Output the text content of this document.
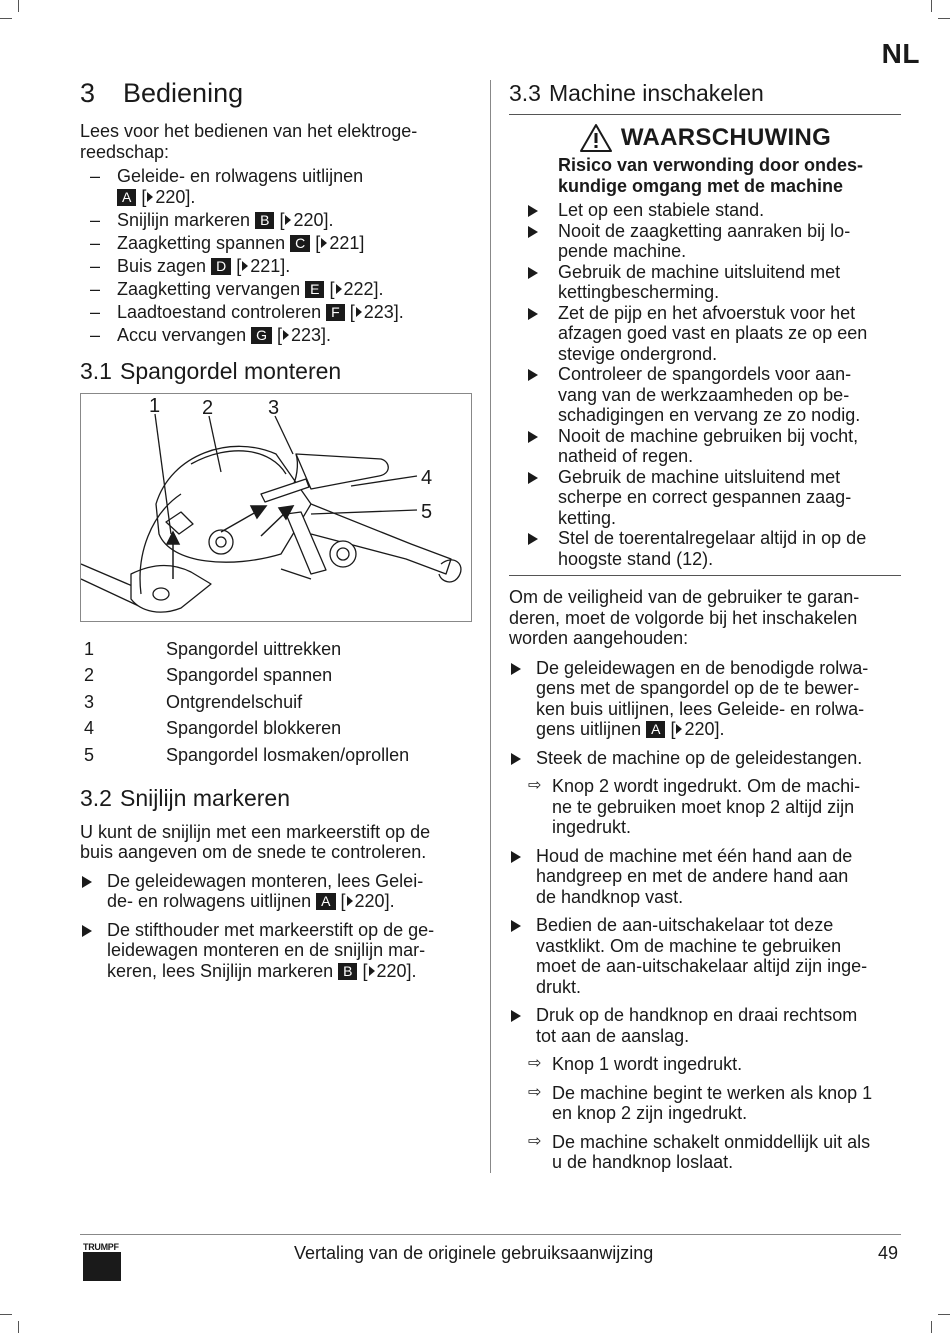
NL
3 Bediening

Lees voor het bedienen van het elektroge-
reedschap:

– Geleide- en rolwagens uitlijnen
A [ 220].
– Snijlijn markeren B [ 220].
– Zaagketting spannen C [ 221]
– Buis zagen D [ 221].
– Zaagketting vervangen E [ 222].
– Laadtoestand controleren F [ 223].
– Accu vervangen G [ 223].
3.1 Spangordel monteren
1 2	3
4
5
1	Spangordel uittrekken
2	Spangordel spannen
3	Ontgrendelschuif
4	Spangordel blokkeren
5	Spangordel losmaken/oprollen
3.2 Snijlijn markeren

U kunt de snijlijn met een markeerstift op de
buis aangeven om de snede te controleren.

De geleidewagen monteren, lees Gelei-
de- en rolwagens uitlijnen A [ 220].
De stifthouder met markeerstift op de ge-
leidewagen monteren en de snijlijn mar-
keren, lees Snijlijn markeren B [ 220].
3.3 Machine inschakelen
WAARSCHUWING
Risico van verwonding door ondes-
kundige omgang met de machine
Let op een stabiele stand.
Nooit de zaagketting aanraken bij lo-
pende machine.
Gebruik de machine uitsluitend met
kettingbescherming.
Zet de pijp en het afvoerstuk voor het
afzagen goed vast en plaats ze op een
stevige ondergrond.
Controleer de spangordels voor aan-
vang van de werkzaamheden op be-
schadigingen en vervang ze zo nodig.
Nooit de machine gebruiken bij vocht,
natheid of regen.
Gebruik de machine uitsluitend met
scherpe en correct gespannen zaag-
ketting.
Stel de toerentalregelaar altijd in op de
hoogste stand (12).

Om de veiligheid van de gebruiker te garan-
deren, moet de volgorde bij het inschakelen
worden aangehouden:

De geleidewagen en de benodigde rolwa-
gens met de spangordel op de te bewer-
ken buis uitlijnen, lees Geleide- en rolwa-
gens uitlijnen A [ 220].
Steek de machine op de geleidestangen.
⇨ Knop 2 wordt ingedrukt. Om de machi-
ne te gebruiken moet knop 2 altijd zijn
ingedrukt.
Houd de machine met één hand aan de
handgreep en met de andere hand aan
de handknop vast.
Bedien de aan-uitschakelaar tot deze
vastklikt. Om de machine te gebruiken
moet de aan-uitschakelaar altijd zijn inge-
drukt.
Druk op de handknop en draai rechtsom
tot aan de aanslag.
⇨ Knop 1 wordt ingedrukt.
⇨ De machine begint te werken als knop 1
en knop 2 zijn ingedrukt.
⇨ De machine schakelt onmiddellijk uit als
u de handknop loslaat.
TRUMPF	Vertaling van de originele gebruiksaanwijzing	49
